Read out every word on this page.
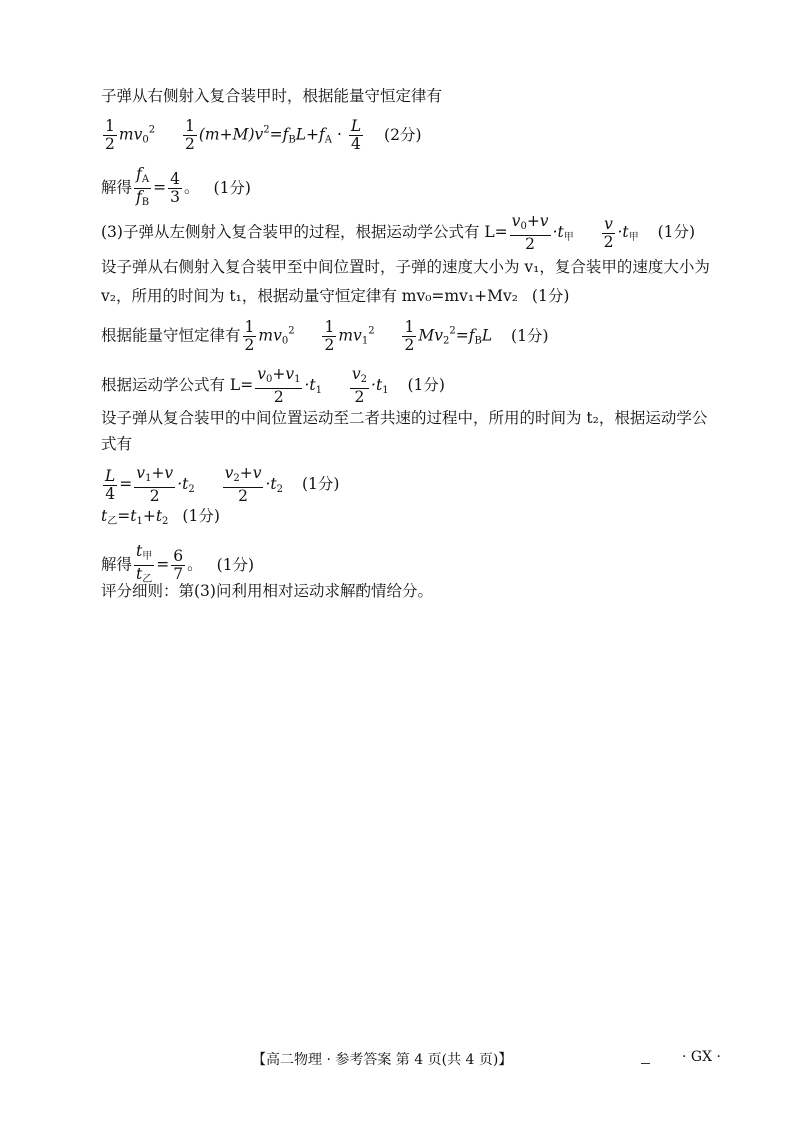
子弹从右侧射入复合装甲时，根据能量守恒定律有
$\frac{1}{2} mv_0^2 \frac{1}{2} (m+M)v^2=f_BL+f_A \cdot \frac{L}{4} (2$分)
解得 $\frac{f_A}{f_B} = \frac{4}{3}$ 。 (1分)
(3)子弹从左侧射入复合装甲的过程，根据运动学公式有 $L= \frac{v_0+v}{2} \cdot t_甲 \frac{v}{2} \cdot t_甲$ (1分)
设子弹从右侧射入复合装甲至中间位置时，子弹的速度大小为 v₁，复合装甲的速度大小为
v₂，所用的时间为 t₁，根据动量守恒定律有 mv₀=mv₁+Mv₂ (1分)
根据能量守恒定律有 $\frac{1}{2} mv_0^2 \frac{1}{2} mv_1^2 \frac{1}{2} Mv_2^2=f_BL$ (1分)
根据运动学公式有 $L= \frac{v_0+v_1}{2} \cdot t_1 \frac{v_2}{2} \cdot t_1$ (1分)
设子弹从复合装甲的中间位置运动至二者共速的过程中，所用的时间为 t₂，根据运动学公
式有
$\frac{L}{4} = \frac{v_1+v}{2} \cdot t_2 \frac{v_2+v}{2} \cdot t_2$ (1分)
$t_乙=t_1+t_2$ (1分)
解得 $\frac{t_甲}{t_乙} = \frac{6}{7}$ 。 (1分)
评分细则：第(3)问利用相对运动求解酌情给分。
【高二物理 · 参考答案 第 4 页(共 4 页)】	· GX ·
